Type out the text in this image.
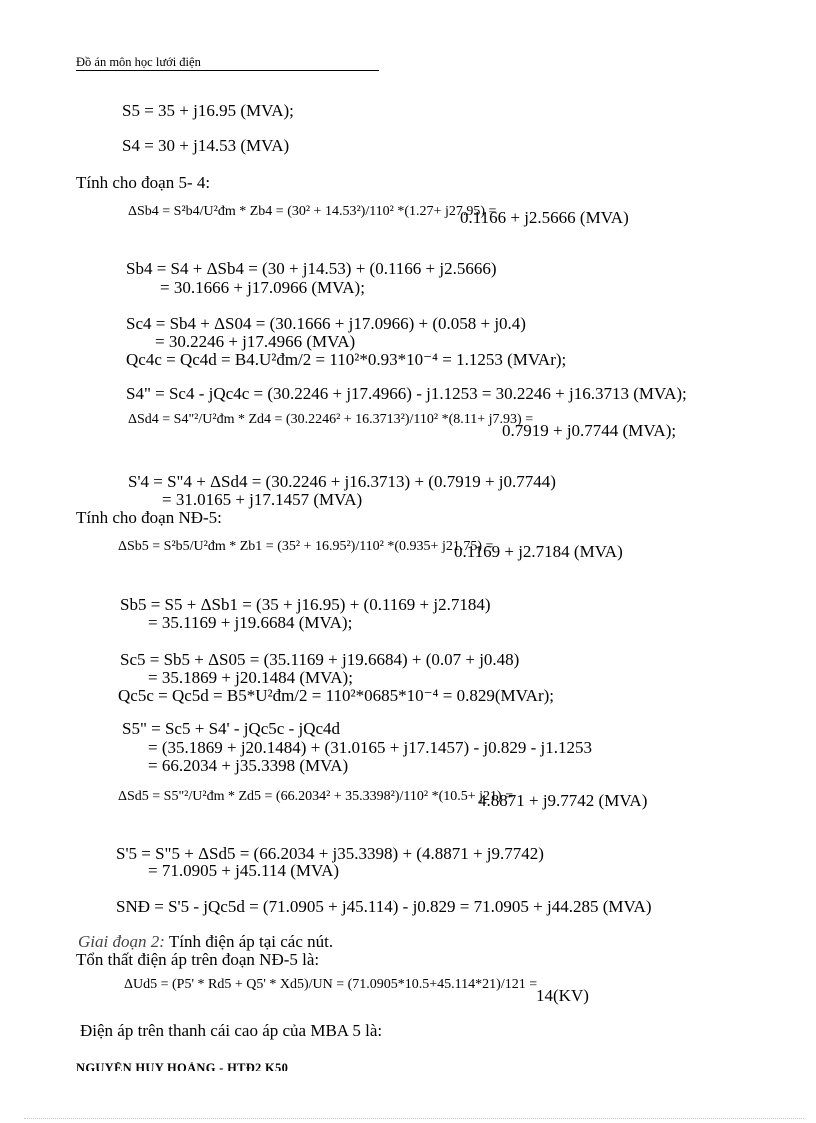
Đồ án môn học lưới điện
S5 = 35 + j16.95 (MVA);
S4 = 30 + j14.53 (MVA)
Tính cho đoạn 5- 4:
ΔSb4 = S²b4/U²đm * Zb4 = (30² + 14.53²)/110² *(1.27+ j27.95) =
0.1166 + j2.5666 (MVA)
Sb4 = S4 + ΔSb4 = (30 + j14.53) + (0.1166 + j2.5666)
= 30.1666 + j17.0966 (MVA);
Sc4 = Sb4 + ΔS04 = (30.1666 + j17.0966) + (0.058 + j0.4)
= 30.2246 + j17.4966 (MVA)
Qc4c = Qc4d = B4.U²đm/2 = 110²*0.93*10⁻⁴ = 1.1253 (MVAr);
S4" = Sc4 - jQc4c = (30.2246 + j17.4966) - j1.1253 = 30.2246 + j16.3713 (MVA);
ΔSd4 = S4"²/U²đm * Zd4 = (30.2246² + 16.3713²)/110² *(8.11+ j7.93) =
0.7919 + j0.7744 (MVA);
S'4 = S"4 + ΔSd4 = (30.2246 + j16.3713) + (0.7919 + j0.7744)
= 31.0165 + j17.1457 (MVA)
Tính cho đoạn NĐ-5:
ΔSb5 = S²b5/U²đm * Zb1 = (35² + 16.95²)/110² *(0.935+ j21.75) =
0.1169 + j2.7184 (MVA)
Sb5 = S5 + ΔSb1 = (35 + j16.95) + (0.1169 + j2.7184)
= 35.1169 + j19.6684 (MVA);
Sc5 = Sb5 + ΔS05 = (35.1169 + j19.6684) + (0.07 + j0.48)
= 35.1869 + j20.1484 (MVA);
Qc5c = Qc5d = B5*U²đm/2 = 110²*0685*10⁻⁴ = 0.829(MVAr);
S5" = Sc5 + S4' - jQc5c - jQc4d
= (35.1869 + j20.1484) + (31.0165 + j17.1457) - j0.829 - j1.1253
= 66.2034 + j35.3398 (MVA)
ΔSd5 = S5"²/U²đm * Zd5 = (66.2034² + 35.3398²)/110² *(10.5+ j21) =
4.8871 + j9.7742 (MVA)
S'5 = S"5 + ΔSd5 = (66.2034 + j35.3398) + (4.8871 + j9.7742)
= 71.0905 + j45.114 (MVA)
SNĐ = S'5 - jQc5d = (71.0905 + j45.114) - j0.829 = 71.0905 + j44.285 (MVA)
Giai đoạn 2: Tính điện áp tại các nút.
Tổn thất điện áp trên đoạn NĐ-5 là:
ΔUd5 = (P5' * Rd5 + Q5' * Xd5)/UN = (71.0905*10.5+45.114*21)/121 =
14(KV)
Điện áp trên thanh cái cao áp của MBA 5 là:
NGUYỄN HUY HOÀNG - HTĐ2 K50
